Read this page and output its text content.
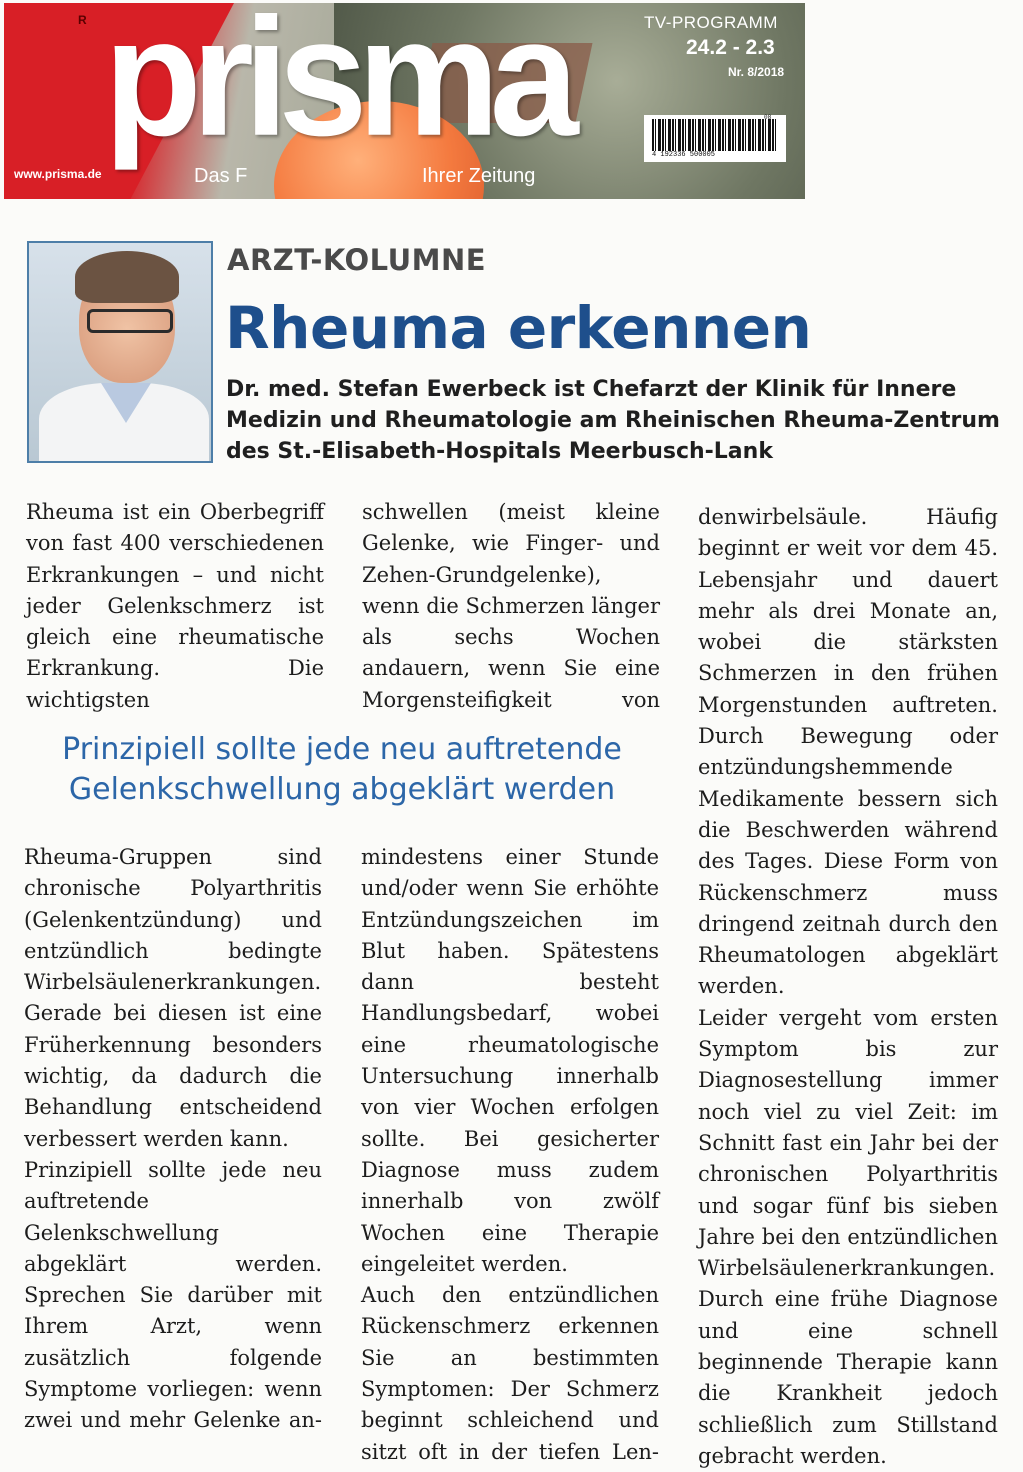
R prisma
www.prisma.de	Das F	Ihrer Zeitung
TV-PROGRAMM
24.2 - 2.3
Nr. 8/2018
08
4 192336 500005
ARZT-KOLUMNE
Rheuma erkennen
Dr. med. Stefan Ewerbeck ist Chefarzt der Klinik für Innere Medizin und Rheumatologie am Rheinischen Rheuma-Zentrum des St.-Elisabeth-Hospitals Meerbusch-Lank

Rheuma ist ein Oberbegriff von fast 400 verschiedenen Erkrankungen – und nicht jeder Gelenkschmerz ist gleich eine rheumatische Erkrankung. Die wichtigsten

schwellen (meist kleine Gelenke, wie Finger- und Zehen-Grundgelenke), wenn die Schmerzen länger als sechs Wochen andauern, wenn Sie eine Morgensteifigkeit von

Prinzipiell sollte jede neu auftretende Gelenkschwellung abgeklärt werden

Rheuma-Gruppen sind chronische Polyarthritis (Gelenkentzündung) und entzündlich bedingte Wirbelsäulenerkrankungen. Gerade bei diesen ist eine Früherkennung besonders wichtig, da dadurch die Behandlung entscheidend verbessert werden kann.

Prinzipiell sollte jede neu auftretende Gelenkschwellung abgeklärt werden. Sprechen Sie darüber mit Ihrem Arzt, wenn zusätzlich folgende Symptome vorliegen: wenn zwei und mehr Gelenke an-

mindestens einer Stunde und/oder wenn Sie erhöhte Entzündungszeichen im Blut haben. Spätestens dann besteht Handlungsbedarf, wobei eine rheumatologische Untersuchung innerhalb von vier Wochen erfolgen sollte. Bei gesicherter Diagnose muss zudem innerhalb von zwölf Wochen eine Therapie eingeleitet werden.

Auch den entzündlichen Rückenschmerz erkennen Sie an bestimmten Symptomen: Der Schmerz beginnt schleichend und sitzt oft in der tiefen Len-

denwirbelsäule. Häufig beginnt er weit vor dem 45. Lebensjahr und dauert mehr als drei Monate an, wobei die stärksten Schmerzen in den frühen Morgenstunden auftreten. Durch Bewegung oder entzündungshemmende Medikamente bessern sich die Beschwerden während des Tages. Diese Form von Rückenschmerz muss dringend zeitnah durch den Rheumatologen abgeklärt werden.

Leider vergeht vom ersten Symptom bis zur Diagnosestellung immer noch viel zu viel Zeit: im Schnitt fast ein Jahr bei der chronischen Polyarthritis und sogar fünf bis sieben Jahre bei den entzündlichen Wirbelsäulenerkrankungen. Durch eine frühe Diagnose und eine schnell beginnende Therapie kann die Krankheit jedoch schließlich zum Stillstand gebracht werden.
